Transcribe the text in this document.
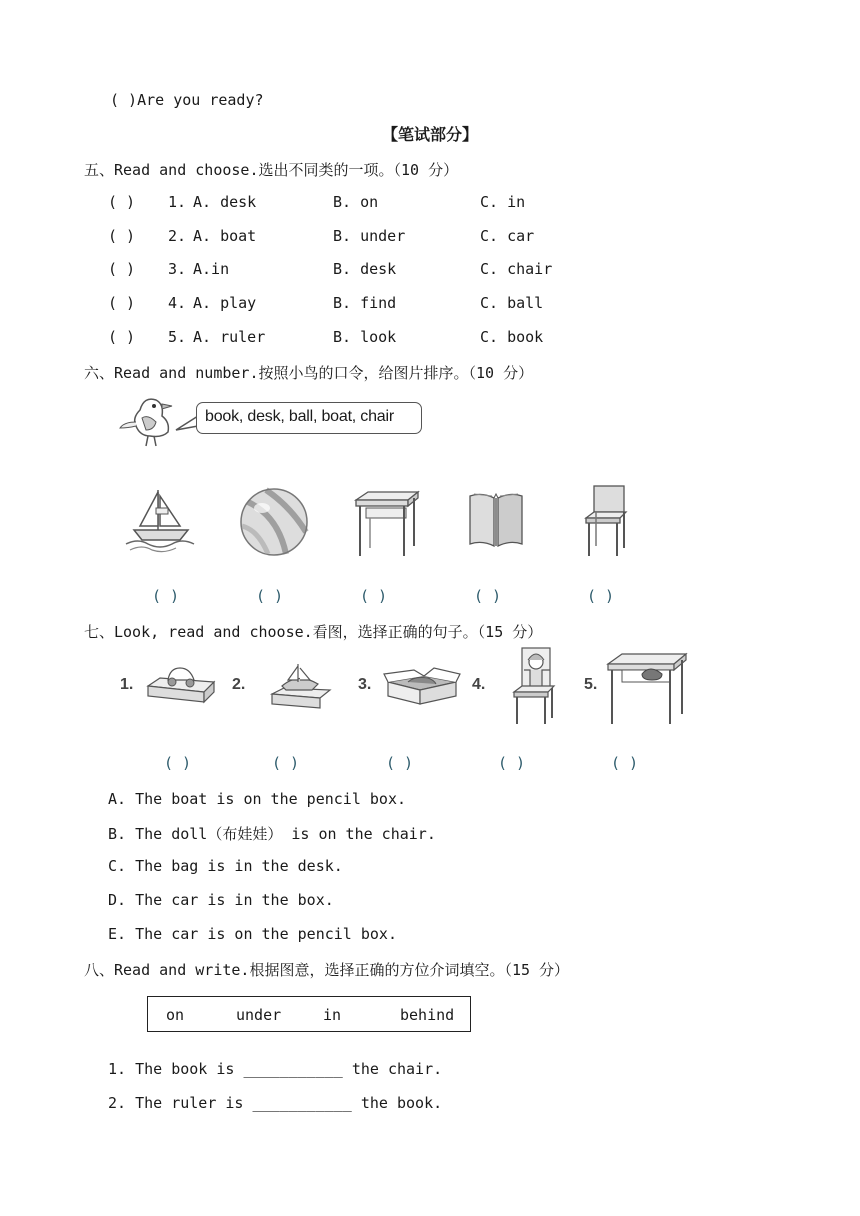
( )Are you ready?
【笔试部分】
五、Read and choose.选出不同类的一项。（10 分）
( ) 1. A. desk	B. on	C. in
( ) 2. A. boat	B. under	C. car
( ) 3. A.in	B. desk	C. chair
( ) 4. A. play	B. find	C. ball
( ) 5. A. ruler	B. look	C. book
六、Read and number.按照小鸟的口令，给图片排序。（10 分）
book, desk, ball, boat, chair
( )	( )	( )	( )	( )
七、Look, read and choose.看图，选择正确的句子。（15 分）
1.	2.	3.	4.	5.
( )	( )	( )	( )	( )
A. The boat is on the pencil box.
B. The doll（布娃娃） is on the chair.
C. The bag is in the desk.
D. The car is in the box.
E. The car is on the pencil box.
八、Read and write.根据图意，选择正确的方位介词填空。（15 分）
on	under	in	behind
1. The book is ___________ the chair.
2. The ruler is ___________ the book.
